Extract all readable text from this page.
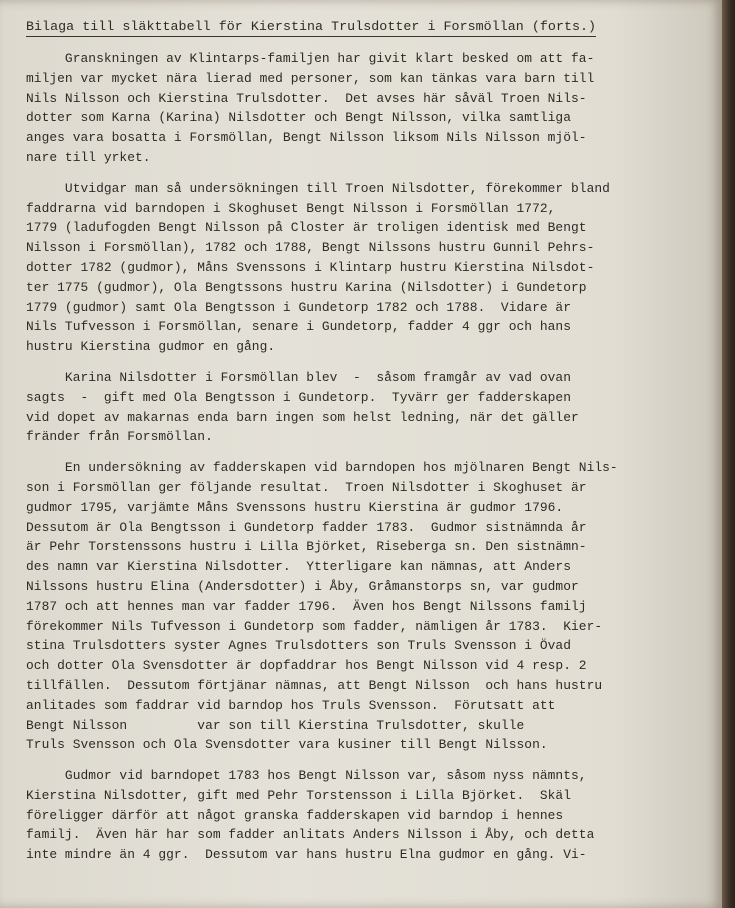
Bilaga till släkttabell för Kierstina Trulsdotter i Forsmöllan (forts.)
Granskningen av Klintarps-familjen har givit klart besked om att fa-
miljen var mycket nära lierad med personer, som kan tänkas vara barn till
Nils Nilsson och Kierstina Trulsdotter.  Det avses här såväl Troen Nils-
dotter som Karna (Karina) Nilsdotter och Bengt Nilsson, vilka samtliga
anges vara bosatta i Forsmöllan, Bengt Nilsson liksom Nils Nilsson mjöl-
nare till yrket.
Utvidgar man så undersökningen till Troen Nilsdotter, förekommer bland
faddrarna vid barndopen i Skoghuset Bengt Nilsson i Forsmöllan 1772,
1779 (ladufogden Bengt Nilsson på Closter är troligen identisk med Bengt
Nilsson i Forsmöllan), 1782 och 1788, Bengt Nilssons hustru Gunnil Pehrs-
dotter 1782 (gudmor), Måns Svenssons i Klintarp hustru Kierstina Nilsdot-
ter 1775 (gudmor), Ola Bengtssons hustru Karina (Nilsdotter) i Gundetorp
1779 (gudmor) samt Ola Bengtsson i Gundetorp 1782 och 1788.  Vidare är
Nils Tufvesson i Forsmöllan, senare i Gundetorp, fadder 4 ggr och hans
hustru Kierstina gudmor en gång.
Karina Nilsdotter i Forsmöllan blev  -  såsom framgår av vad ovan
sagts  -  gift med Ola Bengtsson i Gundetorp.  Tyvärr ger fadderskapen
vid dopet av makarnas enda barn ingen som helst ledning, när det gäller
fränder från Forsmöllan.
En undersökning av fadderskapen vid barndopen hos mjölnaren Bengt Nils-
son i Forsmöllan ger följande resultat.  Troen Nilsdotter i Skoghuset är
gudmor 1795, varjämte Måns Svenssons hustru Kierstina är gudmor 1796.
Dessutom är Ola Bengtsson i Gundetorp fadder 1783.  Gudmor sistnämnda år
är Pehr Torstenssons hustru i Lilla Björket, Riseberga sn. Den sistnämn-
des namn var Kierstina Nilsdotter.  Ytterligare kan nämnas, att Anders
Nilssons hustru Elina (Andersdotter) i Åby, Gråmanstorps sn, var gudmor
1787 och att hennes man var fadder 1796.  Även hos Bengt Nilssons familj
förekommer Nils Tufvesson i Gundetorp som fadder, nämligen år 1783.  Kier-
stina Trulsdotters syster Agnes Trulsdotters son Truls Svensson i Övad
och dotter Ola Svensdotter är dopfaddrar hos Bengt Nilsson vid 4 resp. 2
tillfällen.  Dessutom förtjänar nämnas, att Bengt Nilsson  och hans hustru
anlitades som faddrar vid barndop hos Truls Svensson.  Förutsatt att
Bengt Nilsson         var son till Kierstina Trulsdotter, skulle
Truls Svensson och Ola Svensdotter vara kusiner till Bengt Nilsson.
Gudmor vid barndopet 1783 hos Bengt Nilsson var, såsom nyss nämnts,
Kierstina Nilsdotter, gift med Pehr Torstensson i Lilla Björket.  Skäl
föreligger därför att något granska fadderskapen vid barndop i hennes
familj.  Även här har som fadder anlitats Anders Nilsson i Åby, och detta
inte mindre än 4 ggr.  Dessutom var hans hustru Elna gudmor en gång. Vi-
